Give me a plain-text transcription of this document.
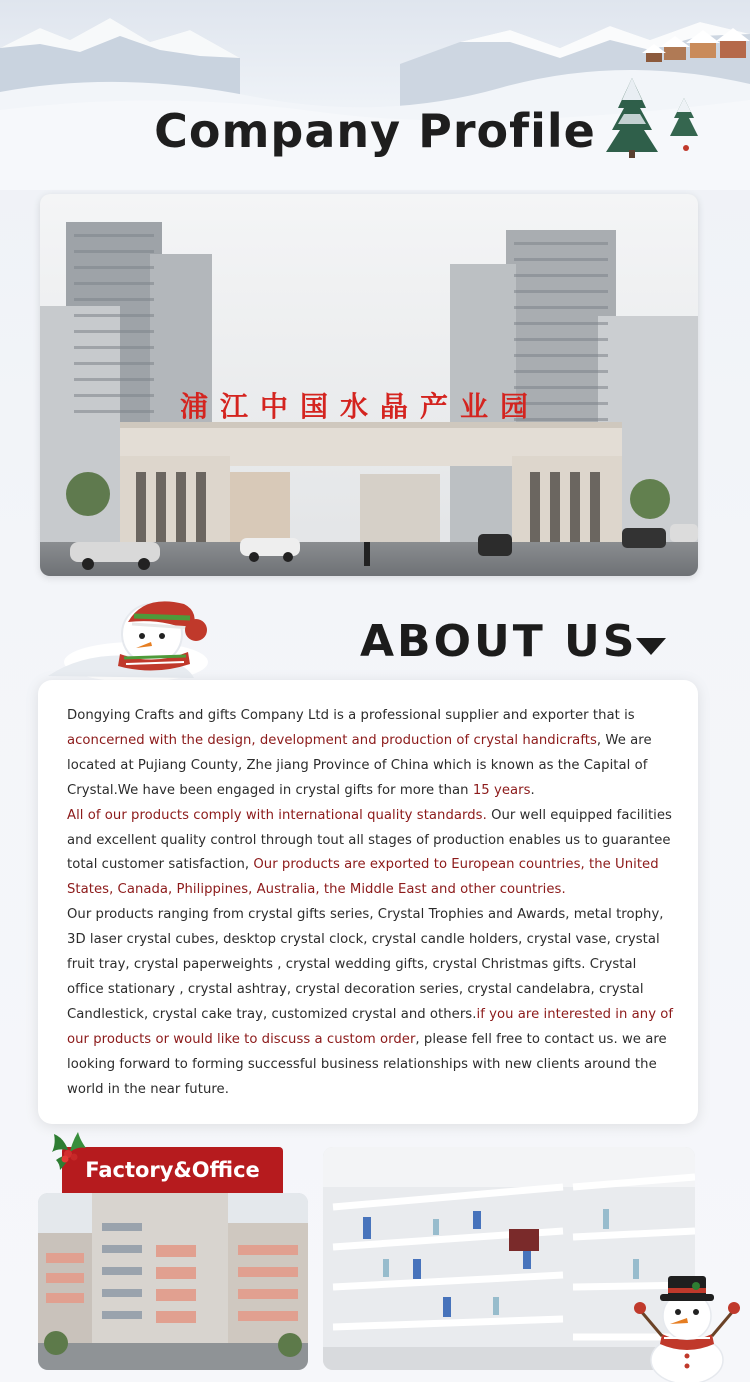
Company Profile
浦江中国水晶产业园
ABOUT US

Dongying Crafts and gifts Company Ltd is a professional supplier and exporter that is aconcerned with the design, development and production of crystal handicrafts, We are located at Pujiang County, Zhe jiang Province of China which is known as the Capital of Crystal.We have been engaged in crystal gifts for more than 15 years.

All of our products comply with international quality standards. Our well equipped facilities and excellent quality control through tout all stages of production enables us to guarantee total customer satisfaction, Our products are exported to European countries, the United States, Canada, Philippines, Australia, the Middle East and other countries.

Our products ranging from crystal gifts series, Crystal Trophies and Awards, metal trophy, 3D laser crystal cubes, desktop crystal clock, crystal candle holders, crystal vase, crystal fruit tray, crystal paperweights , crystal wedding gifts, crystal Christmas gifts. Crystal office stationary , crystal ashtray, crystal decoration series, crystal candelabra, crystal Candlestick, crystal cake tray, customized crystal and others.if you are interested in any of our products or would like to discuss a custom order, please fell free to contact us. we are looking forward to forming successful business relationships with new clients around the world in the near future.

Factory&Office
